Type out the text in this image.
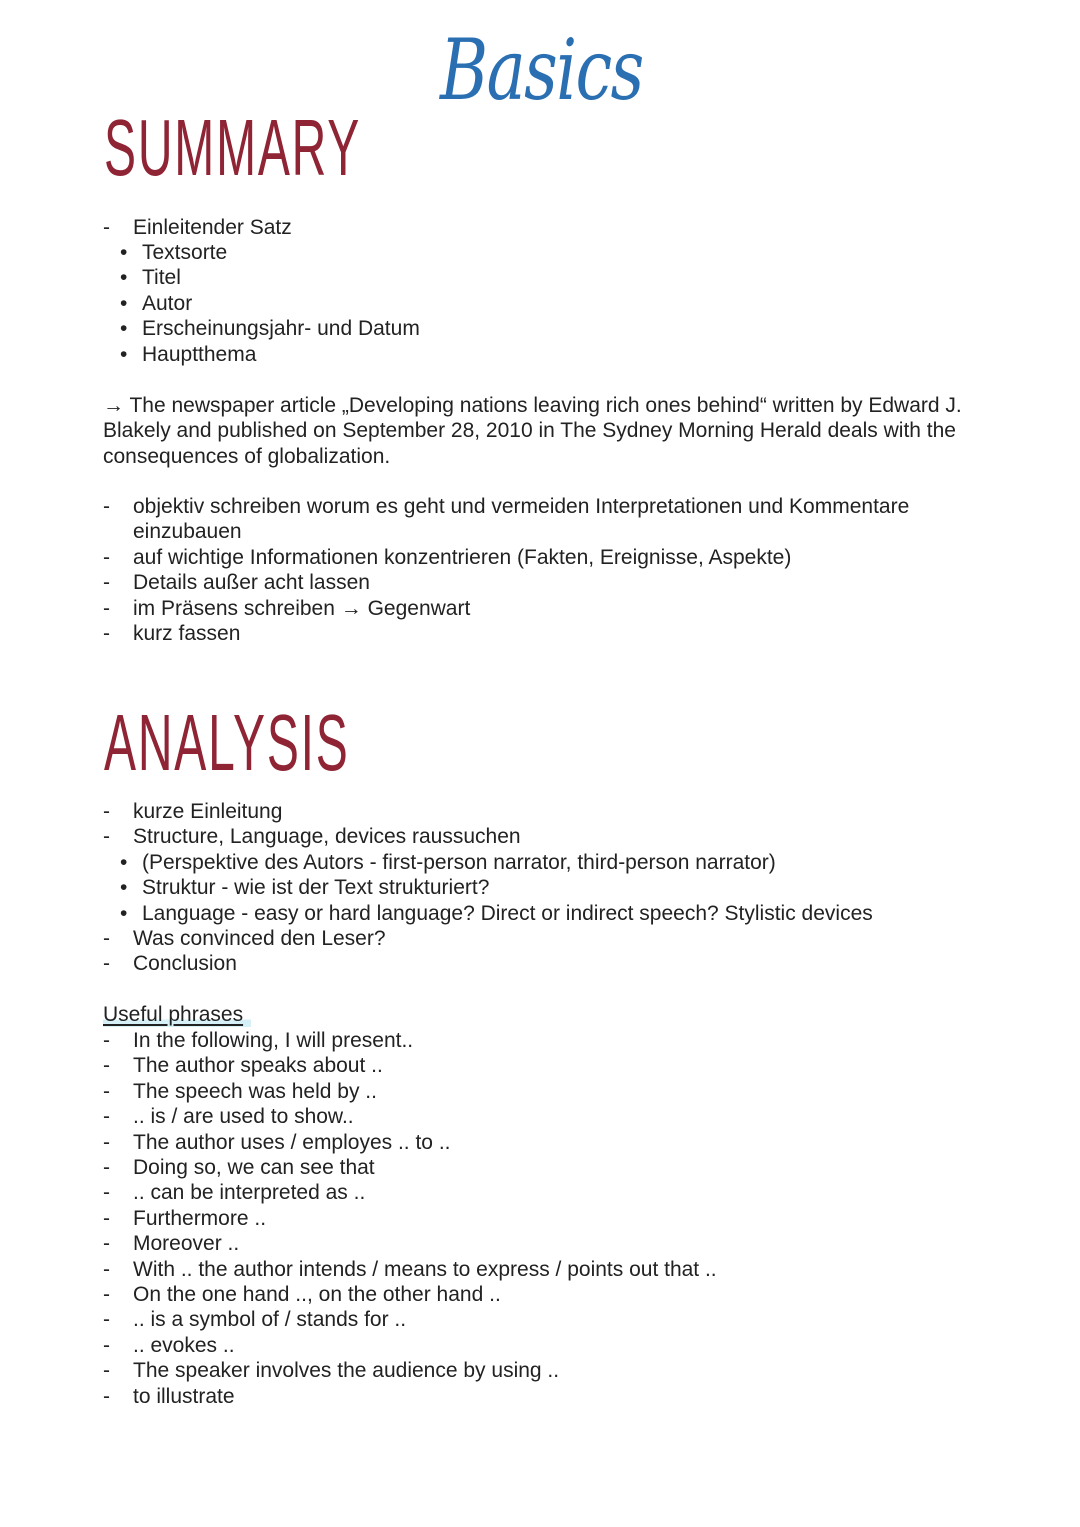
Basics
SUMMARY
- Einleitender Satz
• Textsorte
• Titel
• Autor
• Erscheinungsjahr- und Datum
• Hauptthema

→ The newspaper article „Developing nations leaving rich ones behind“ written by Edward J. Blakely and published on September 28, 2010 in The Sydney Morning Herald deals with the consequences of globalization.

- objektiv schreiben worum es geht und vermeiden Interpretationen und Kommentare einzubauen
- auf wichtige Informationen konzentrieren (Fakten, Ereignisse, Aspekte)
- Details außer acht lassen
- im Präsens schreiben → Gegenwart
- kurz fassen
ANALYSIS
- kurze Einleitung
- Structure, Language, devices raussuchen
• (Perspektive des Autors - first-person narrator, third-person narrator)
• Struktur - wie ist der Text strukturiert?
• Language - easy or hard language? Direct or indirect speech? Stylistic devices
- Was convinced den Leser?
- Conclusion

Useful phrases

- In the following, I will present..
- The author speaks about ..
- The speech was held by ..
- .. is / are used to show..
- The author uses / employes .. to ..
- Doing so, we can see that
- .. can be interpreted as ..
- Furthermore ..
- Moreover ..
- With .. the author intends / means to express / points out that ..
- On the one hand .., on the other hand ..
- .. is a symbol of / stands for ..
- .. evokes ..
- The speaker involves the audience by using ..
- to illustrate
